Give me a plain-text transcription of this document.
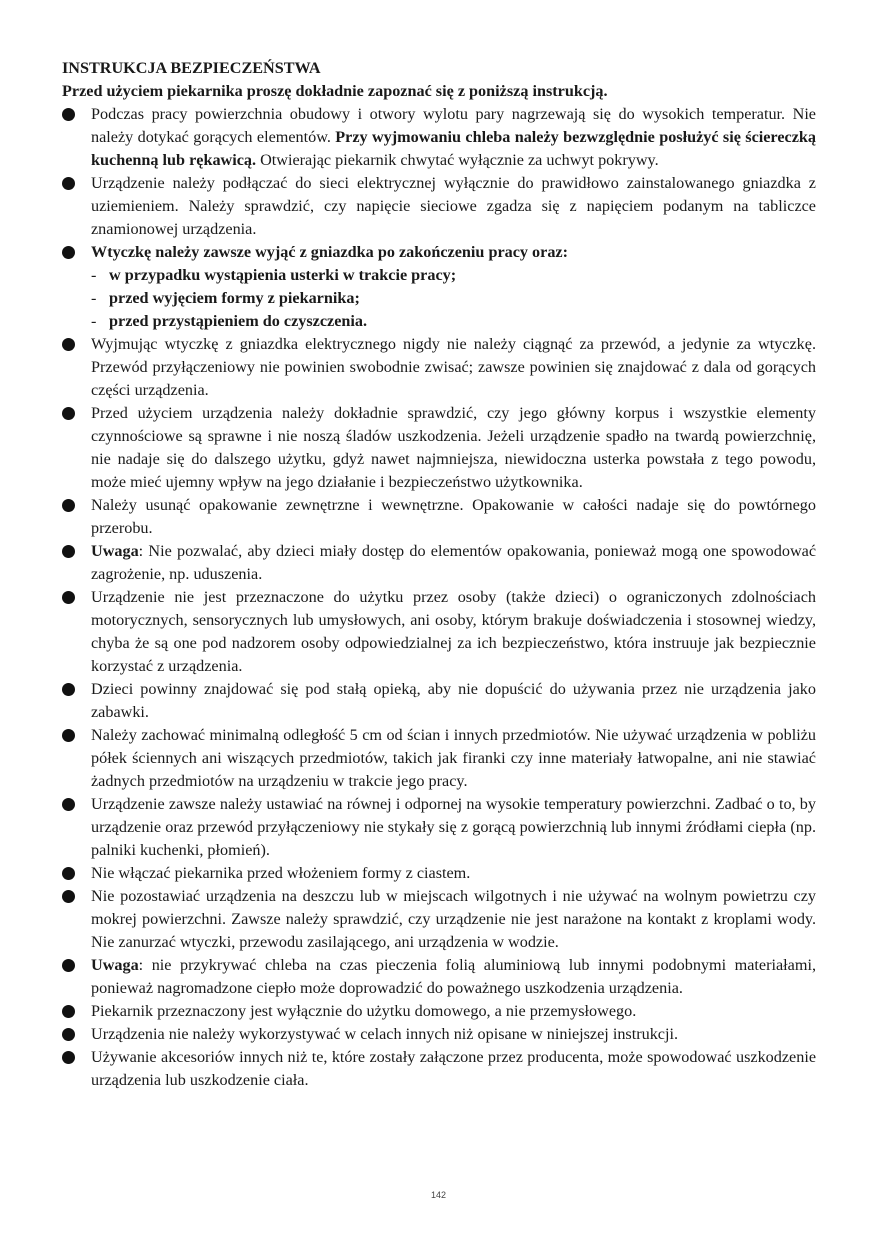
INSTRUKCJA BEZPIECZEŃSTWA

Przed użyciem piekarnika proszę dokładnie zapoznać się z poniższą instrukcją.

Podczas pracy powierzchnia obudowy i otwory wylotu pary nagrzewają się do wysokich temperatur. Nie należy dotykać gorących elementów. Przy wyjmowaniu chleba należy bezwzględnie posłużyć się ściereczką kuchenną lub rękawicą. Otwierając piekarnik chwytać wyłącznie za uchwyt pokrywy.
Urządzenie należy podłączać do sieci elektrycznej wyłącznie do prawidłowo zainstalowanego gniazdka z uziemieniem. Należy sprawdzić, czy napięcie sieciowe zgadza się z napięciem podanym na tabliczce znamionowej urządzenia.
Wtyczkę należy zawsze wyjąć z gniazdka po zakończeniu pracy oraz:
- w przypadku wystąpienia usterki w trakcie pracy;
- przed wyjęciem formy z piekarnika;
- przed przystąpieniem do czyszczenia.
Wyjmując wtyczkę z gniazdka elektrycznego nigdy nie należy ciągnąć za przewód, a jedynie za wtyczkę. Przewód przyłączeniowy nie powinien swobodnie zwisać; zawsze powinien się znajdować z dala od gorących części urządzenia.
Przed użyciem urządzenia należy dokładnie sprawdzić, czy jego główny korpus i wszystkie elementy czynnościowe są sprawne i nie noszą śladów uszkodzenia. Jeżeli urządzenie spadło na twardą powierzchnię, nie nadaje się do dalszego użytku, gdyż nawet najmniejsza, niewidoczna usterka powstała z tego powodu, może mieć ujemny wpływ na jego działanie i bezpieczeństwo użytkownika.
Należy usunąć opakowanie zewnętrzne i wewnętrzne. Opakowanie w całości nadaje się do powtórnego przerobu.
Uwaga: Nie pozwalać, aby dzieci miały dostęp do elementów opakowania, ponieważ mogą one spowodować zagrożenie, np. uduszenia.
Urządzenie nie jest przeznaczone do użytku przez osoby (także dzieci) o ograniczonych zdolnościach motorycznych, sensorycznych lub umysłowych, ani osoby, którym brakuje doświadczenia i stosownej wiedzy, chyba że są one pod nadzorem osoby odpowiedzialnej za ich bezpieczeństwo, która instruuje jak bezpiecznie korzystać z urządzenia.
Dzieci powinny znajdować się pod stałą opieką, aby nie dopuścić do używania przez nie urządzenia jako zabawki.
Należy zachować minimalną odległość 5 cm od ścian i innych przedmiotów. Nie używać urządzenia w pobliżu półek ściennych ani wiszących przedmiotów, takich jak firanki czy inne materiały łatwopalne, ani nie stawiać żadnych przedmiotów na urządzeniu w trakcie jego pracy.
Urządzenie zawsze należy ustawiać na równej i odpornej na wysokie temperatury powierzchni. Zadbać o to, by urządzenie oraz przewód przyłączeniowy nie stykały się z gorącą powierzchnią lub innymi źródłami ciepła (np. palniki kuchenki, płomień).
Nie włączać piekarnika przed włożeniem formy z ciastem.
Nie pozostawiać urządzenia na deszczu lub w miejscach wilgotnych i nie używać na wolnym powietrzu czy mokrej powierzchni. Zawsze należy sprawdzić, czy urządzenie nie jest narażone na kontakt z kroplami wody. Nie zanurzać wtyczki, przewodu zasilającego, ani urządzenia w wodzie.
Uwaga: nie przykrywać chleba na czas pieczenia folią aluminiową lub innymi podobnymi materiałami, ponieważ nagromadzone ciepło może doprowadzić do poważnego uszkodzenia urządzenia.
Piekarnik przeznaczony jest wyłącznie do użytku domowego, a nie przemysłowego.
Urządzenia nie należy wykorzystywać w celach innych niż opisane w niniejszej instrukcji.
Używanie akcesoriów innych niż te, które zostały załączone przez producenta, może spowodować uszkodzenie urządzenia lub uszkodzenie ciała.
142
